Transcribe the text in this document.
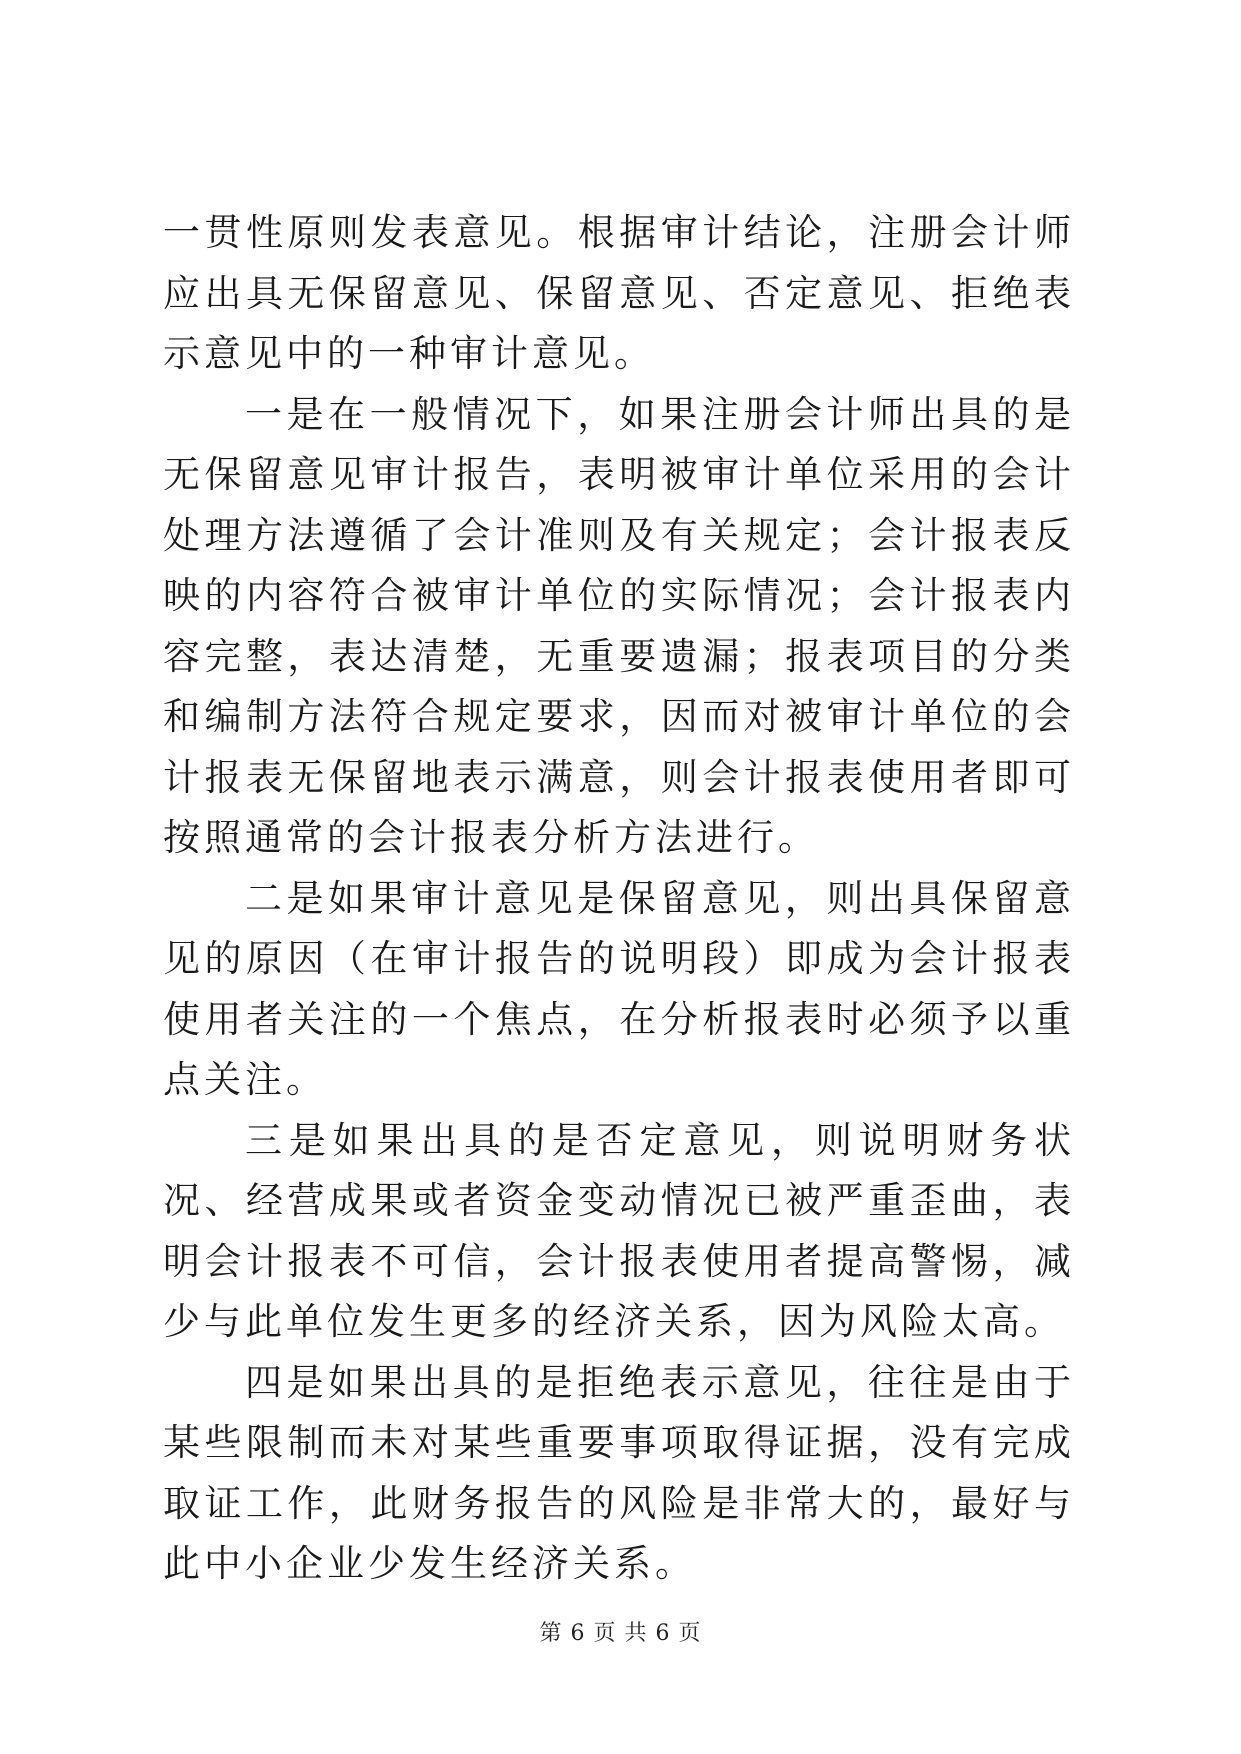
一贯性原则发表意见。根据审计结论，注册会计师应出具无保留意见、保留意见、否定意见、拒绝表示意见中的一种审计意见。

一是在一般情况下，如果注册会计师出具的是无保留意见审计报告，表明被审计单位采用的会计处理方法遵循了会计准则及有关规定；会计报表反映的内容符合被审计单位的实际情况；会计报表内容完整，表达清楚，无重要遗漏；报表项目的分类和编制方法符合规定要求，因而对被审计单位的会计报表无保留地表示满意，则会计报表使用者即可按照通常的会计报表分析方法进行。

二是如果审计意见是保留意见，则出具保留意见的原因（在审计报告的说明段）即成为会计报表使用者关注的一个焦点，在分析报表时必须予以重点关注。

三是如果出具的是否定意见，则说明财务状况、经营成果或者资金变动情况已被严重歪曲，表明会计报表不可信，会计报表使用者提高警惕，减少与此单位发生更多的经济关系，因为风险太高。

四是如果出具的是拒绝表示意见，往往是由于某些限制而未对某些重要事项取得证据，没有完成取证工作，此财务报告的风险是非常大的，最好与此中小企业少发生经济关系。

第 6 页 共 6 页
